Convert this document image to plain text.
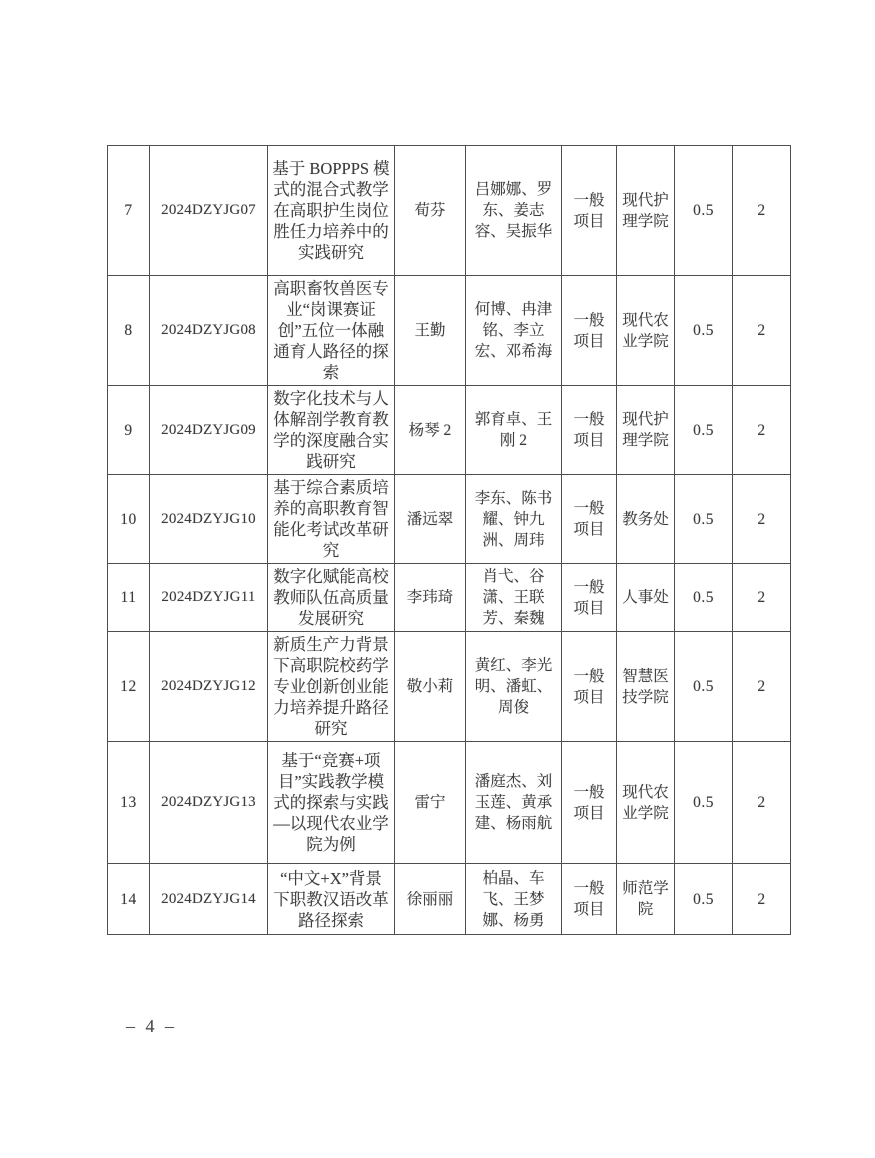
7	2024DZYJG07	基于 BOPPPS 模式的混合式教学在高职护生岗位胜任力培养中的实践研究	荀芬	吕娜娜、罗东、姜志容、吴振华	一般项目	现代护理学院	0.5	2
8	2024DZYJG08	高职畜牧兽医专业“岗课赛证创”五位一体融通育人路径的探索	王勤	何博、冉津铭、李立宏、邓希海	一般项目	现代农业学院	0.5	2
9	2024DZYJG09	数字化技术与人体解剖学教育教学的深度融合实践研究	杨琴 2	郭育卓、王刚 2	一般项目	现代护理学院	0.5	2
10	2024DZYJG10	基于综合素质培养的高职教育智能化考试改革研究	潘远翠	李东、陈书耀、钟九洲、周玮	一般项目	教务处	0.5	2
11	2024DZYJG11	数字化赋能高校教师队伍高质量发展研究	李玮琦	肖弋、谷潇、王联芳、秦魏	一般项目	人事处	0.5	2
12	2024DZYJG12	新质生产力背景下高职院校药学专业创新创业能力培养提升路径研究	敬小莉	黄红、李光明、潘虹、周俊	一般项目	智慧医技学院	0.5	2
13	2024DZYJG13	基于“竞赛+项目”实践教学模式的探索与实践—以现代农业学院为例	雷宁	潘庭杰、刘玉莲、黄承建、杨雨航	一般项目	现代农业学院	0.5	2
14	2024DZYJG14	“中文+X”背景下职教汉语改革路径探索	徐丽丽	柏晶、车飞、王梦娜、杨勇	一般项目	师范学院	0.5	2
– 4 –
